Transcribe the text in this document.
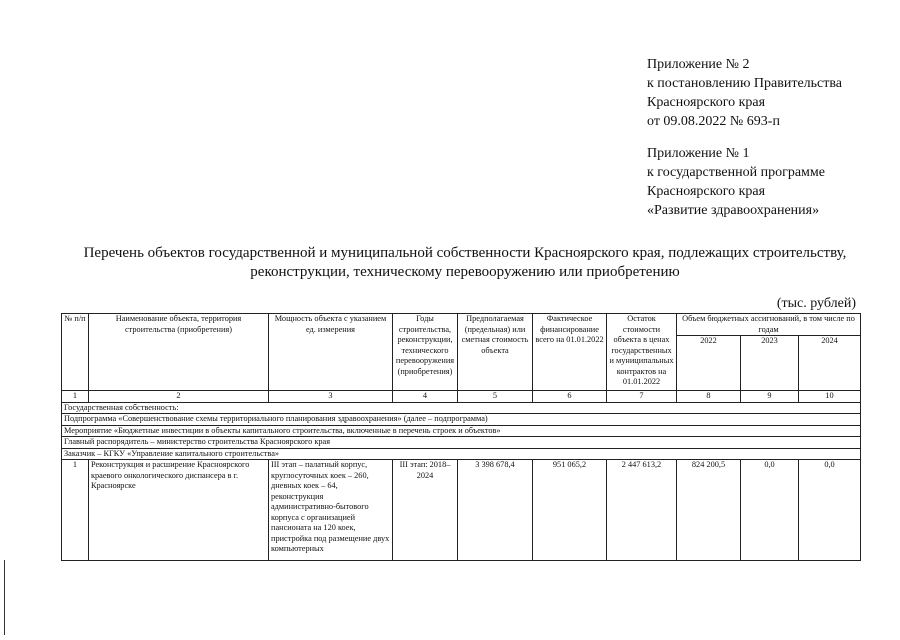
Приложение № 2
к постановлению Правительства
Красноярского края
от 09.08.2022 № 693-п
Приложение № 1
к государственной программе
Красноярского края
«Развитие здравоохранения»
Перечень объектов государственной и муниципальной собственности Красноярского края, подлежащих строительству,
реконструкции, техническому перевооружению или приобретению
(тыс. рублей)
№ п/п	Наименование объекта, территория строительства (приобретения)	Мощность объекта с указанием ед. измерения	Годы строительства, реконструкции, технического перевооружения (приобретения)	Предполагаемая (предельная) или сметная стоимость объекта	Фактическое финансирование всего на 01.01.2022	Остаток стоимости объекта в ценах государственных и муниципальных контрактов на 01.01.2022	Объем бюджетных ассигнований, в том числе по годам		
							2022	2023	2024
1	2	3	4	5	6	7	8	9	10
Государственная собственность:									
Подпрограмма «Совершенствование схемы территориального планирования здравоохранения» (далее – подпрограмма)									
Мероприятие «Бюджетные инвестиции в объекты капитального строительства, включенные в перечень строек и объектов»									
Главный распорядитель – министерство строительства Красноярского края									
Заказчик – КГКУ «Управление капитального строительства»									
1	Реконструкция и расширение Красноярского краевого онкологического диспансера в г. Красноярске	III этап – палатный корпус, круглосуточных коек – 260, дневных коек – 64, реконструкция административно-бытового корпуса с организацией пансионата на 120 коек, пристройка под размещение двух компьютерных	III этап: 2018–2024	3 398 678,4	951 065,2	2 447 613,2	824 200,5	0,0	0,0
